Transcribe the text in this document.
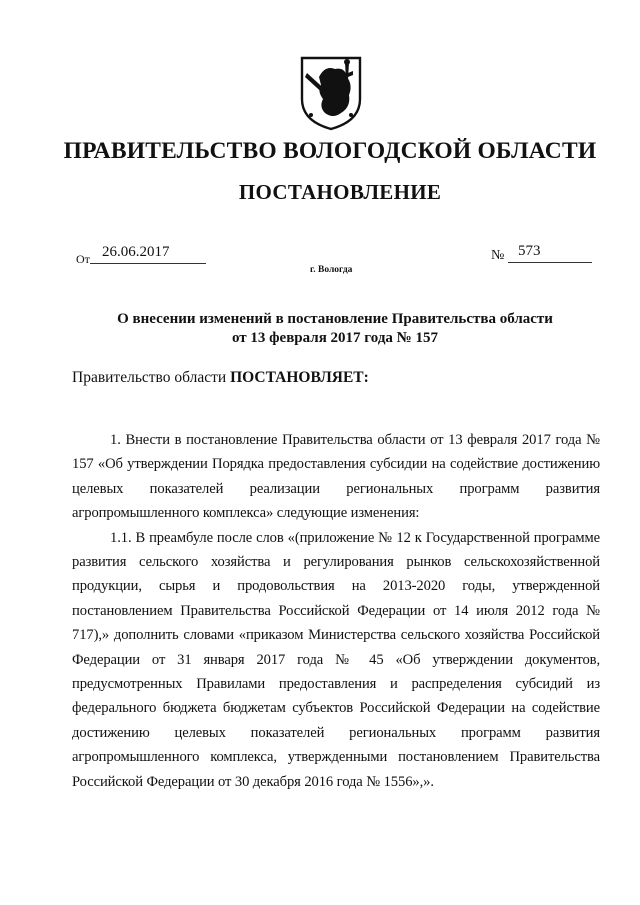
ПРАВИТЕЛЬСТВО ВОЛОГОДСКОЙ ОБЛАСТИ
ПОСТАНОВЛЕНИЕ
От 26.06.2017	№ 573
г. Вологда
О внесении изменений в постановление Правительства области
от 13 февраля 2017 года № 157
Правительство области ПОСТАНОВЛЯЕТ:

1. Внести в постановление Правительства области от 13 февраля 2017 года № 157 «Об утверждении Порядка предоставления субсидии на содействие достижению целевых показателей реализации региональных программ развития агропромышленного комплекса» следующие изменения:

1.1. В преамбуле после слов «(приложение № 12 к Государственной программе развития сельского хозяйства и регулирования рынков сельскохозяйственной продукции, сырья и продовольствия на 2013-2020 годы, утвержденной постановлением Правительства Российской Федерации от 14 июля 2012 года № 717),» дополнить словами «приказом Министерства сельского хозяйства Российской Федерации от 31 января 2017 года № 45 «Об утверждении документов, предусмотренных Правилами предоставления и распределения субсидий из федерального бюджета бюджетам субъектов Российской Федерации на содействие достижению целевых показателей региональных программ развития агропромышленного комплекса, утвержденными постановлением Правительства Российской Федерации от 30 декабря 2016 года № 1556»,».
